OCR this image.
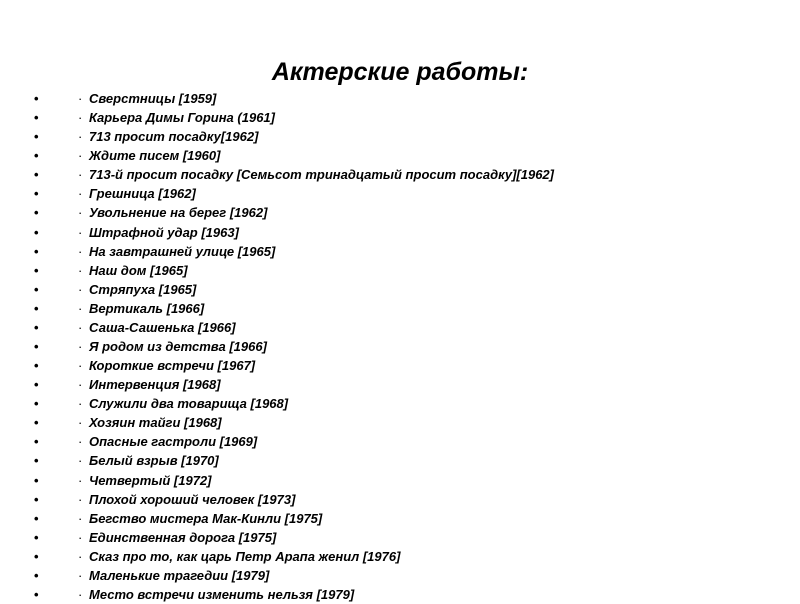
Актерские работы:
•	· Сверстницы [1959]
•	· Карьера Димы Горина (1961]
•	· 713 просит посадку[1962]
•	· Ждите писем [1960]
•	· 713-й просит посадку [Семьсот тринадцатый просит посадку][1962]
•	· Грешница [1962]
•	· Увольнение на берег [1962]
•	· Штрафной удар [1963]
•	· На завтрашней улице [1965]
•	· Наш дом [1965]
•	· Стряпуха [1965]
•	· Вертикаль [1966]
•	· Саша-Сашенька [1966]
•	· Я родом из детства [1966]
•	· Короткие встречи [1967]
•	· Интервенция [1968]
•	· Служили два товарища [1968]
•	· Хозяин тайги [1968]
•	· Опасные гастроли [1969]
•	· Белый взрыв [1970]
•	· Четвертый [1972]
•	· Плохой хороший человек [1973]
•	· Бегство мистера Мак-Кинли [1975]
•	· Единственная дорога [1975]
•	· Сказ про то, как царь Петр Арапа женил [1976]
•	· Маленькие трагедии [1979]
•	· Место встречи изменить нельзя [1979]
